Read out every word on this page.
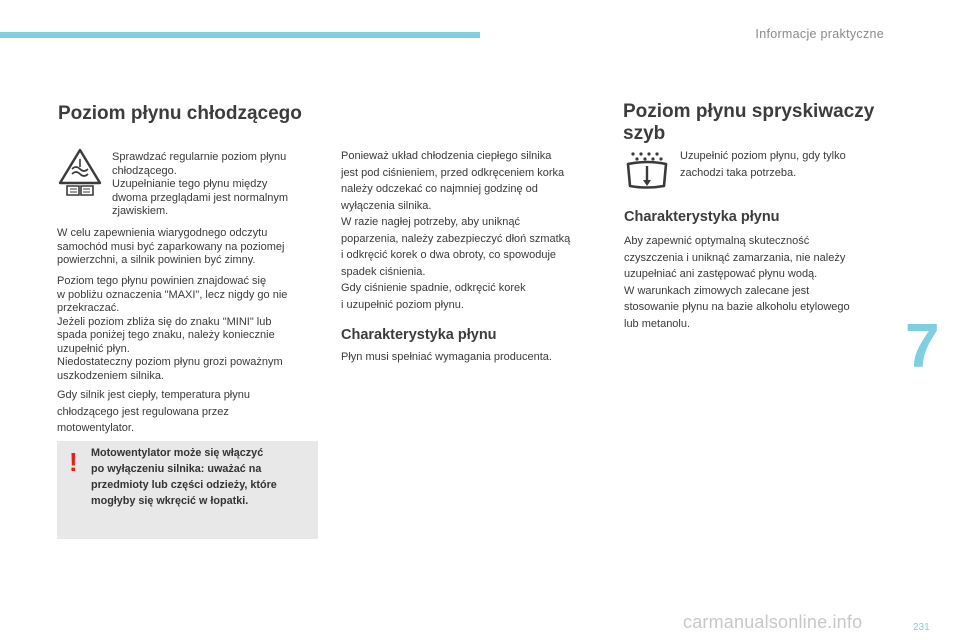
Informacje praktyczne
Poziom płynu chłodzącego

Sprawdzać regularnie poziom płynu
chłodzącego.
Uzupełnianie tego płynu między
dwoma przeglądami jest normalnym
zjawiskiem.

W celu zapewnienia wiarygodnego odczytu
samochód musi być zaparkowany na poziomej
powierzchni, a silnik powinien być zimny.

Poziom tego płynu powinien znajdować się
w pobliżu oznaczenia "MAXI", lecz nigdy go nie
przekraczać.
Jeżeli poziom zbliża się do znaku "MINI" lub
spada poniżej tego znaku, należy koniecznie
uzupełnić płyn.
Niedostateczny poziom płynu grozi poważnym
uszkodzeniem silnika.

Gdy silnik jest ciepły, temperatura płynu
chłodzącego jest regulowana przez
motowentylator.

! Motowentylator może się włączyć
po wyłączeniu silnika: uważać na
przedmioty lub części odzieży, które
mogłyby się wkręcić w łopatki.

Ponieważ układ chłodzenia ciepłego silnika
jest pod ciśnieniem, przed odkręceniem korka
należy odczekać co najmniej godzinę od
wyłączenia silnika.
W razie nagłej potrzeby, aby uniknąć
poparzenia, należy zabezpieczyć dłoń szmatką
i odkręcić korek o dwa obroty, co spowoduje
spadek ciśnienia.
Gdy ciśnienie spadnie, odkręcić korek
i uzupełnić poziom płynu.

Charakterystyka płynu

Płyn musi spełniać wymagania producenta.

Poziom płynu spryskiwaczy
szyb

Uzupełnić poziom płynu, gdy tylko
zachodzi taka potrzeba.

Charakterystyka płynu

Aby zapewnić optymalną skuteczność
czyszczenia i uniknąć zamarzania, nie należy
uzupełniać ani zastępować płynu wodą.
W warunkach zimowych zalecane jest
stosowanie płynu na bazie alkoholu etylowego
lub metanolu.	7
carmanualsonline.info	231
